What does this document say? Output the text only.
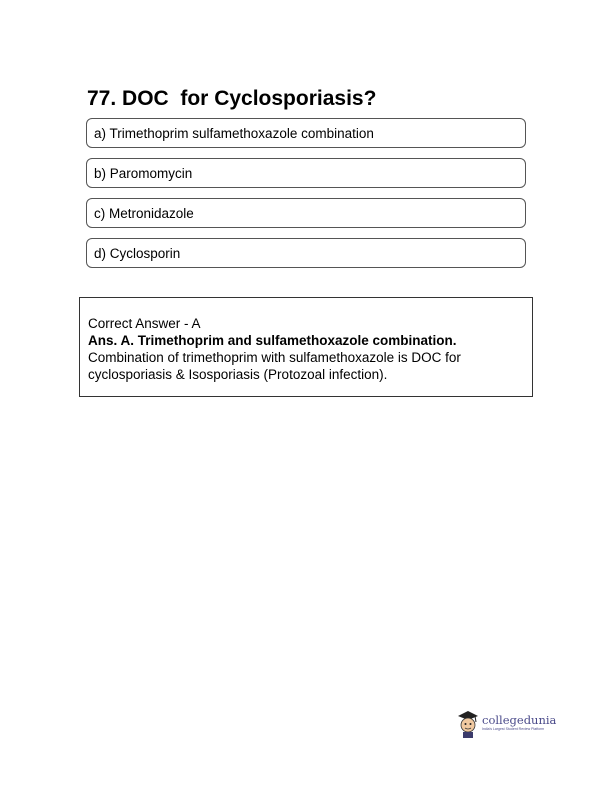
77. DOC  for Cyclosporiasis?
a) Trimethoprim sulfamethoxazole combination
b) Paromomycin
c) Metronidazole
d) Cyclosporin
Correct Answer - A
Ans. A. Trimethoprim and sulfamethoxazole combination.
Combination of trimethoprim with sulfamethoxazole is DOC for cyclosporiasis & Isosporiasis (Protozoal infection).
collegedunia
India's Largest Student Review Platform
